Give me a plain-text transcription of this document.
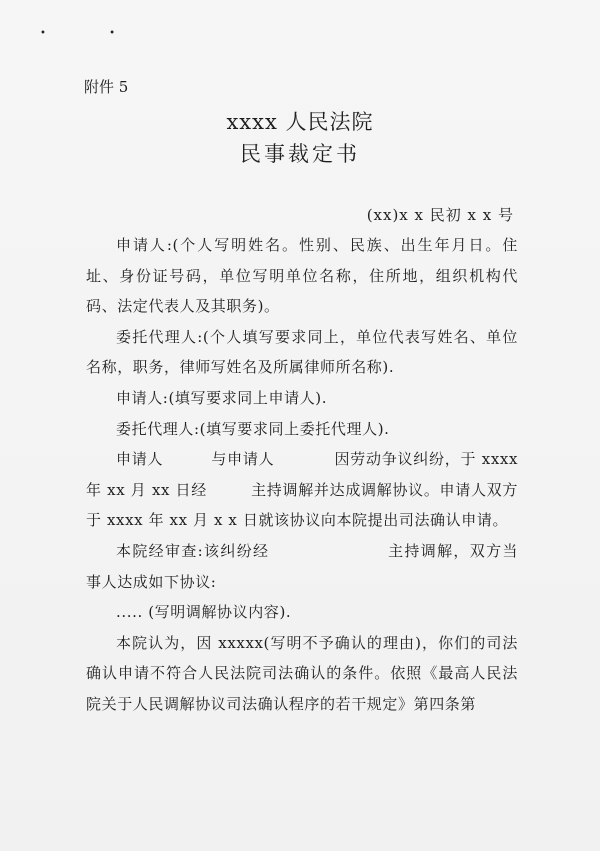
• •
附件 5
xxxx 人民法院
民事裁定书
(xx)x x 民初 x x 号

申请人:(个人写明姓名。性别、民族、出生年月日。住址、身份证号码，单位写明单位名称，住所地，组织机构代码、法定代表人及其职务)。

委托代理人:(个人填写要求同上，单位代表写姓名、单位名称，职务，律师写姓名及所属律师所名称).

申请人:(填写要求同上申请人).

委托代理人:(填写要求同上委托代理人).

申请人	与申请人	因劳动争议纠纷，于 xxxx 年 xx 月 xx 日经	主持调解并达成调解协议。申请人双方于 xxxx 年 xx 月 x x 日就该协议向本院提出司法确认申请。

本院经审查:该纠纷经	主持调解，双方当事人达成如下协议:

..... (写明调解协议内容).

本院认为，因 xxxxx(写明不予确认的理由)，你们的司法确认申请不符合人民法院司法确认的条件。依照《最高人民法院关于人民调解协议司法确认程序的若干规定》第四条第
